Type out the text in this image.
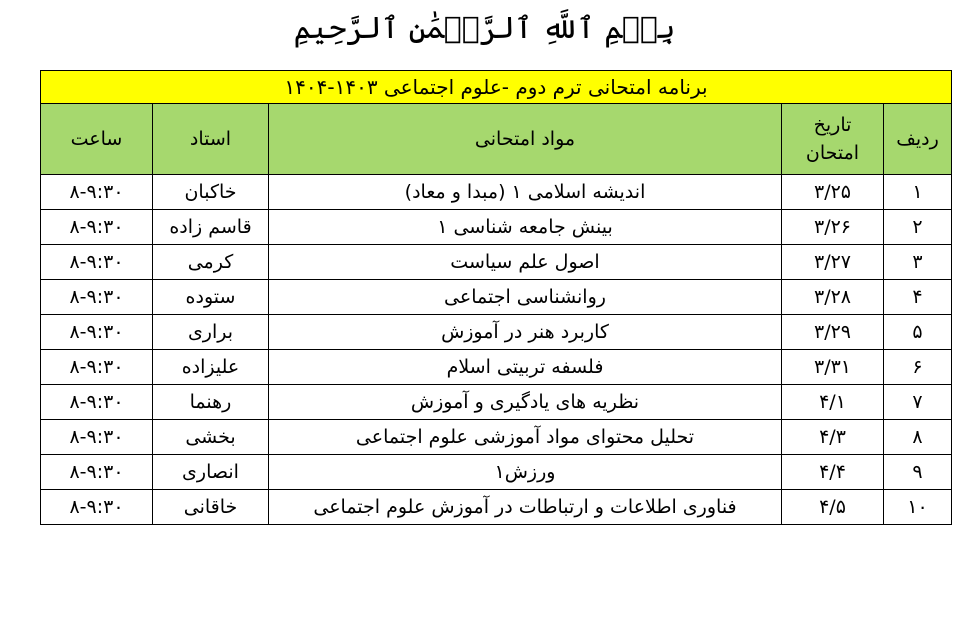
بِسۡمِ ٱللَّهِ ٱلرَّحۡمَٰنِ ٱلرَّحِيمِ
برنامه امتحانی ترم دوم -علوم اجتماعی ۱۴۰۳-۱۴۰۴				
ردیف	تاریخ امتحان	مواد امتحانی	استاد	ساعت
۱	۳/۲۵	اندیشه اسلامی ۱ (مبدا و معاد)	خاکبان	۸-۹:۳۰
۲	۳/۲۶	بینش جامعه شناسی ۱	قاسم زاده	۸-۹:۳۰
۳	۳/۲۷	اصول علم سیاست	کرمی	۸-۹:۳۰
۴	۳/۲۸	روانشناسی اجتماعی	ستوده	۸-۹:۳۰
۵	۳/۲۹	کاربرد هنر در آموزش	براری	۸-۹:۳۰
۶	۳/۳۱	فلسفه تربیتی اسلام	علیزاده	۸-۹:۳۰
۷	۴/۱	نظریه های یادگیری و آموزش	رهنما	۸-۹:۳۰
۸	۴/۳	تحلیل محتوای مواد آموزشی علوم اجتماعی	بخشی	۸-۹:۳۰
۹	۴/۴	ورزش۱	انصاری	۸-۹:۳۰
۱۰	۴/۵	فناوری اطلاعات و ارتباطات در آموزش علوم اجتماعی	خاقانی	۸-۹:۳۰
